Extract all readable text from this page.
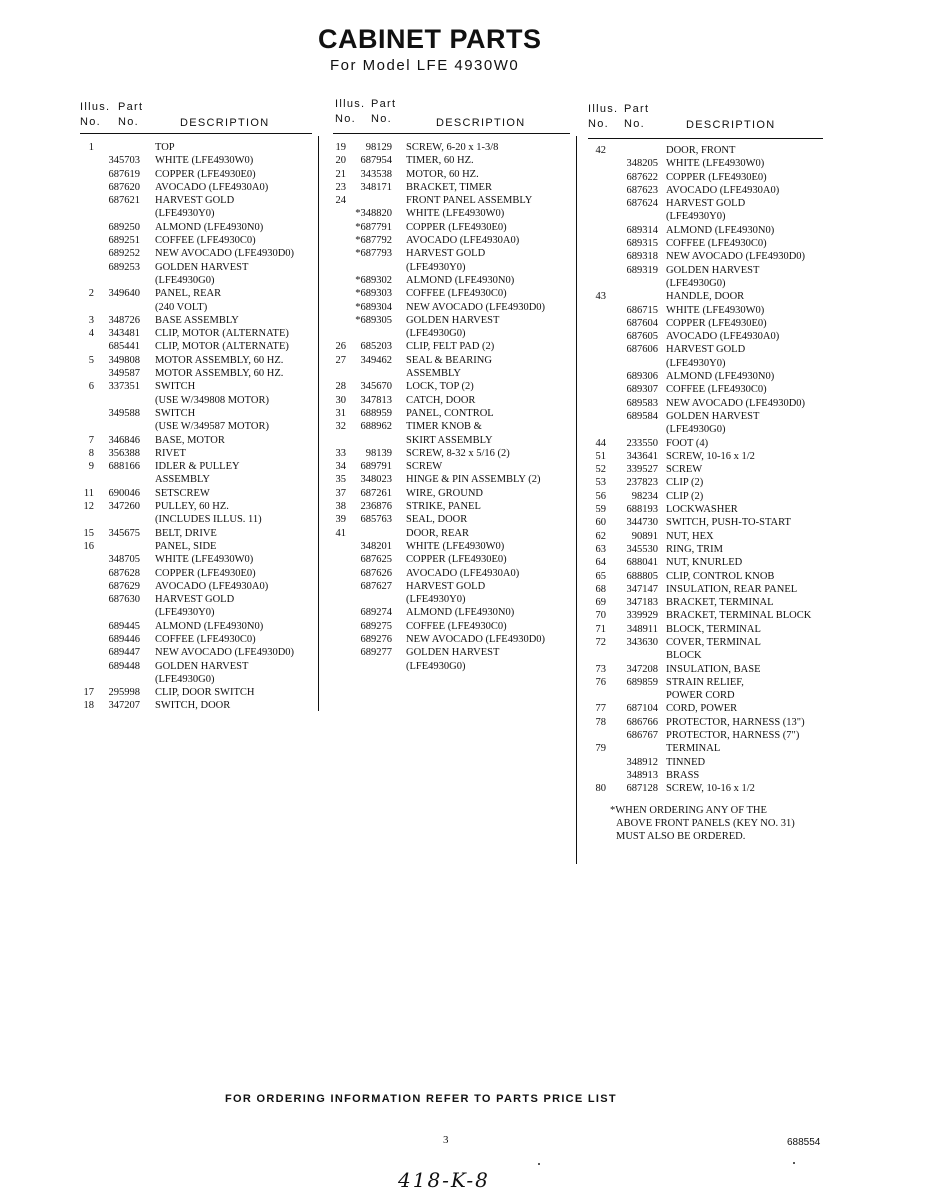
CABINET PARTS
For Model LFE 4930W0
Illus.
No.
Part
No.	DESCRIPTION
1	TOP
345703 WHITE (LFE4930W0)
687619 COPPER (LFE4930E0)
687620 AVOCADO (LFE4930A0)
687621 HARVEST GOLD
(LFE4930Y0)
689250 ALMOND (LFE4930N0)
689251 COFFEE (LFE4930C0)
689252 NEW AVOCADO (LFE4930D0)
689253 GOLDEN HARVEST
(LFE4930G0)
2	349640 PANEL, REAR
(240 VOLT)
3	348726 BASE ASSEMBLY
4	343481 CLIP, MOTOR (ALTERNATE)
685441 CLIP, MOTOR (ALTERNATE)
5	349808 MOTOR ASSEMBLY, 60 HZ.
349587 MOTOR ASSEMBLY, 60 HZ.
6	337351 SWITCH
(USE W/349808 MOTOR)
349588 SWITCH
(USE W/349587 MOTOR)
7	346846 BASE, MOTOR
8	356388 RIVET
9	688166 IDLER & PULLEY
ASSEMBLY
11	690046 SETSCREW
12	347260 PULLEY, 60 HZ.
(INCLUDES ILLUS. 11)
15	345675 BELT, DRIVE
16	PANEL, SIDE
348705 WHITE (LFE4930W0)
687628 COPPER (LFE4930E0)
687629 AVOCADO (LFE4930A0)
687630 HARVEST GOLD
(LFE4930Y0)
689445 ALMOND (LFE4930N0)
689446 COFFEE (LFE4930C0)
689447 NEW AVOCADO (LFE4930D0)
689448 GOLDEN HARVEST
(LFE4930G0)
17	295998 CLIP, DOOR SWITCH
18	347207 SWITCH, DOOR
Illus.
No.
Part
No.	DESCRIPTION
19	98129 SCREW, 6-20 x 1-3/8
20	687954 TIMER, 60 HZ.
21	343538 MOTOR, 60 HZ.
23	348171 BRACKET, TIMER
24	FRONT PANEL ASSEMBLY
*348820 WHITE (LFE4930W0)
*687791 COPPER (LFE4930E0)
*687792 AVOCADO (LFE4930A0)
*687793 HARVEST GOLD
(LFE4930Y0)
*689302 ALMOND (LFE4930N0)
*689303 COFFEE (LFE4930C0)
*689304 NEW AVOCADO (LFE4930D0)
*689305 GOLDEN HARVEST
(LFE4930G0)
26	685203 CLIP, FELT PAD (2)
27	349462 SEAL & BEARING
ASSEMBLY
28	345670 LOCK, TOP (2)
30	347813 CATCH, DOOR
31	688959 PANEL, CONTROL
32	688962 TIMER KNOB &
SKIRT ASSEMBLY
33	98139 SCREW, 8-32 x 5/16 (2)
34	689791 SCREW
35	348023 HINGE & PIN ASSEMBLY (2)
37	687261 WIRE, GROUND
38	236876 STRIKE, PANEL
39	685763 SEAL, DOOR
41	DOOR, REAR
348201 WHITE (LFE4930W0)
687625 COPPER (LFE4930E0)
687626 AVOCADO (LFE4930A0)
687627 HARVEST GOLD
(LFE4930Y0)
689274 ALMOND (LFE4930N0)
689275 COFFEE (LFE4930C0)
689276 NEW AVOCADO (LFE4930D0)
689277 GOLDEN HARVEST
(LFE4930G0)
Illus.
No.
Part
No.	DESCRIPTION
42	DOOR, FRONT
348205 WHITE (LFE4930W0)
687622 COPPER (LFE4930E0)
687623 AVOCADO (LFE4930A0)
687624 HARVEST GOLD
(LFE4930Y0)
689314 ALMOND (LFE4930N0)
689315 COFFEE (LFE4930C0)
689318 NEW AVOCADO (LFE4930D0)
689319 GOLDEN HARVEST
(LFE4930G0)
43	HANDLE, DOOR
686715 WHITE (LFE4930W0)
687604 COPPER (LFE4930E0)
687605 AVOCADO (LFE4930A0)
687606 HARVEST GOLD
(LFE4930Y0)
689306 ALMOND (LFE4930N0)
689307 COFFEE (LFE4930C0)
689583 NEW AVOCADO (LFE4930D0)
689584 GOLDEN HARVEST
(LFE4930G0)
44	233550 FOOT (4)
51	343641 SCREW, 10-16 x 1/2
52	339527 SCREW
53	237823 CLIP (2)
56	98234 CLIP (2)
59	688193 LOCKWASHER
60	344730 SWITCH, PUSH-TO-START
62	90891 NUT, HEX
63	345530 RING, TRIM
64	688041 NUT, KNURLED
65	688805 CLIP, CONTROL KNOB
68	347147 INSULATION, REAR PANEL
69	347183 BRACKET, TERMINAL
70	339929 BRACKET, TERMINAL BLOCK
71	348911 BLOCK, TERMINAL
72	343630 COVER, TERMINAL
BLOCK
73	347208 INSULATION, BASE
76	689859 STRAIN RELIEF,
POWER CORD
77	687104 CORD, POWER
78	686766 PROTECTOR, HARNESS (13")
686767 PROTECTOR, HARNESS (7")
79	TERMINAL
348912 TINNED
348913 BRASS
80	687128 SCREW, 10-16 x 1/2
*WHEN ORDERING ANY OF THE
ABOVE FRONT PANELS (KEY NO. 31)
MUST ALSO BE ORDERED.
FOR ORDERING INFORMATION REFER TO PARTS PRICE LIST
3	688554
418-K-8
